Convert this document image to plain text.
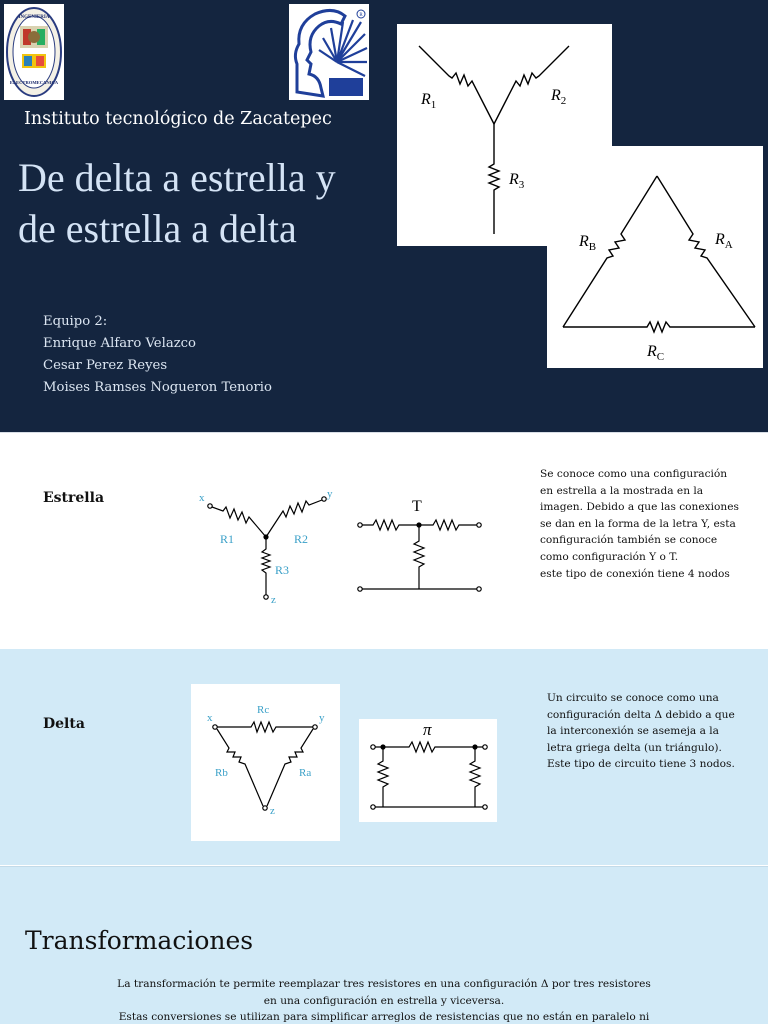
INGENIERIA
ELECTROMECANICA
R
Instituto tecnológico de Zacatepec
De delta a estrella y
de estrella a delta
Equipo 2:
Enrique Alfaro Velazco
Cesar Perez Reyes
Moises Ramses Nogueron Tenorio
$R_1$
$R_2$
$R_3$
$R_B$	$R_A$
$R_C$
Estrella	x	y
z
R1	R2
R3
T
Se conoce como una configuración
en estrella a la mostrada en la
imagen. Debido a que las conexiones
se dan en la forma de la letra Y, esta
configuración también se conoce
como configuración Y o T.
este tipo de conexión tiene 4 nodos
Delta	x	y
z
Rc
Rb	Ra
π
Un circuito se conoce como una
configuración delta Δ debido a que
la interconexión se asemeja a la
letra griega delta (un triángulo).
Este tipo de circuito tiene 3 nodos.
Transformaciones
La transformación te permite reemplazar tres resistores en una configuración Δ por tres resistores
en una configuración en estrella y viceversa.
Estas conversiones se utilizan para simplificar arreglos de resistencias que no están en paralelo ni
